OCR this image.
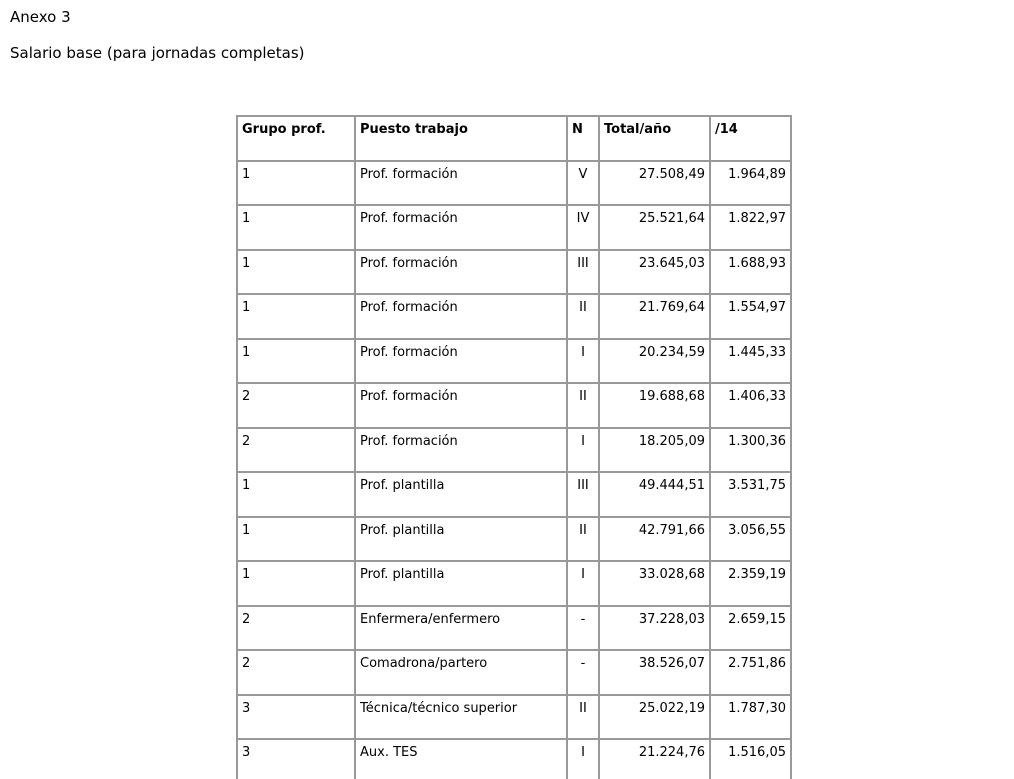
Anexo 3

Salario base (para jornadas completas)

Grupo prof.	Puesto trabajo	N	Total/año	/14
1	Prof. formación	V	27.508,49	1.964,89
1	Prof. formación	IV	25.521,64	1.822,97
1	Prof. formación	III	23.645,03	1.688,93
1	Prof. formación	II	21.769,64	1.554,97
1	Prof. formación	I	20.234,59	1.445,33
2	Prof. formación	II	19.688,68	1.406,33
2	Prof. formación	I	18.205,09	1.300,36
1	Prof. plantilla	III	49.444,51	3.531,75
1	Prof. plantilla	II	42.791,66	3.056,55
1	Prof. plantilla	I	33.028,68	2.359,19
2	Enfermera/enfermero	-	37.228,03	2.659,15
2	Comadrona/partero	-	38.526,07	2.751,86
3	Técnica/técnico superior	II	25.022,19	1.787,30
3	Aux. TES	I	21.224,76	1.516,05
